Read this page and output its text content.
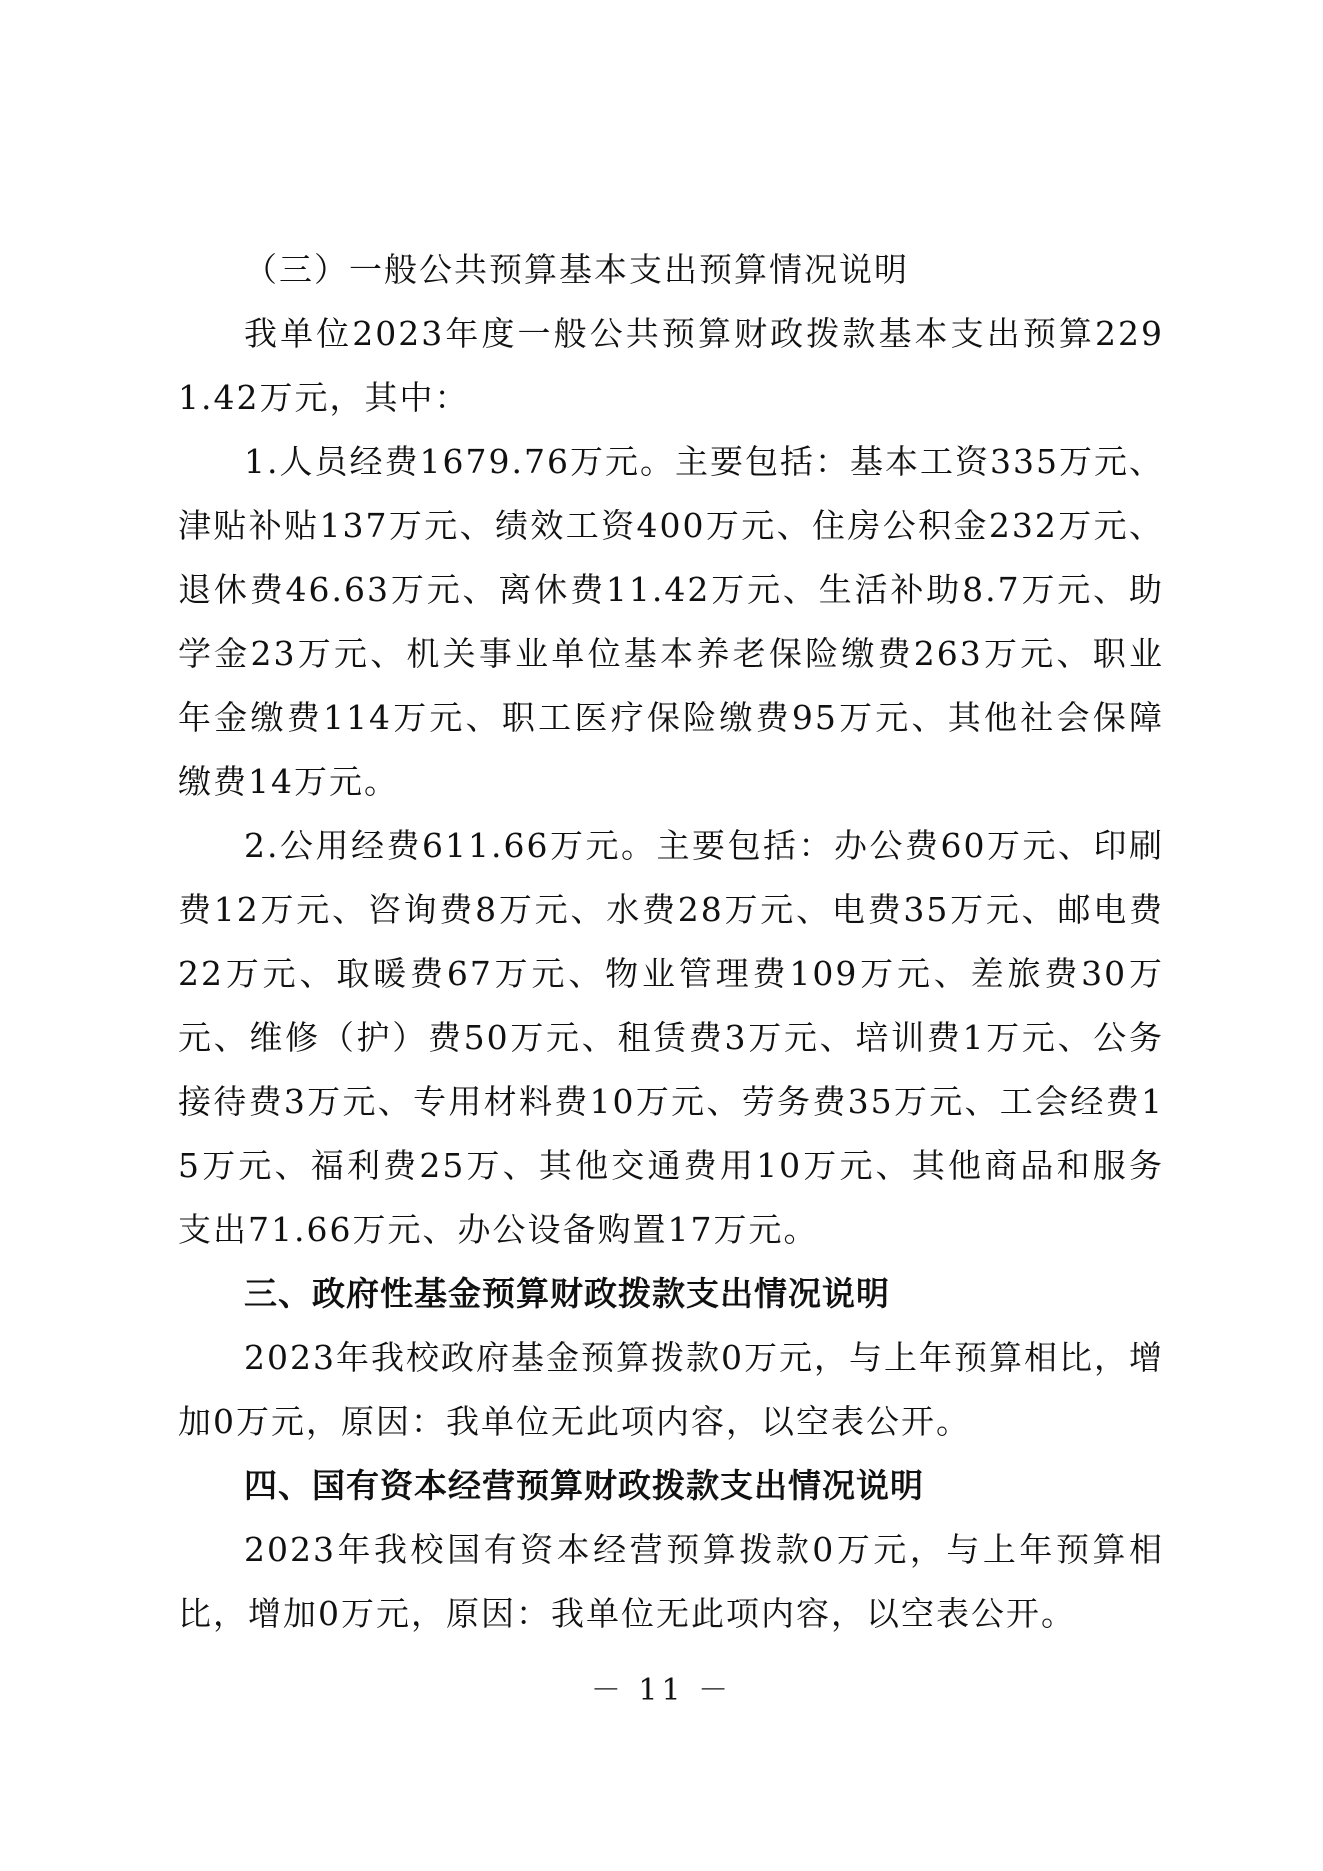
（三）一般公共预算基本支出预算情况说明

我单位2023年度一般公共预算财政拨款基本支出预算2291.42万元，其中：

1.人员经费1679.76万元。主要包括：基本工资335万元、津贴补贴137万元、绩效工资400万元、住房公积金232万元、退休费46.63万元、离休费11.42万元、生活补助8.7万元、助学金23万元、机关事业单位基本养老保险缴费263万元、职业年金缴费114万元、职工医疗保险缴费95万元、其他社会保障缴费14万元。

2.公用经费611.66万元。主要包括：办公费60万元、印刷费12万元、咨询费8万元、水费28万元、电费35万元、邮电费22万元、取暖费67万元、物业管理费109万元、差旅费30万元、维修（护）费50万元、租赁费3万元、培训费1万元、公务接待费3万元、专用材料费10万元、劳务费35万元、工会经费15万元、福利费25万、其他交通费用10万元、其他商品和服务支出71.66万元、办公设备购置17万元。

三、政府性基金预算财政拨款支出情况说明

2023年我校政府基金预算拨款0万元，与上年预算相比，增加0万元，原因：我单位无此项内容，以空表公开。

四、国有资本经营预算财政拨款支出情况说明

2023年我校国有资本经营预算拨款0万元，与上年预算相比，增加0万元，原因：我单位无此项内容，以空表公开。

－ 11 －
